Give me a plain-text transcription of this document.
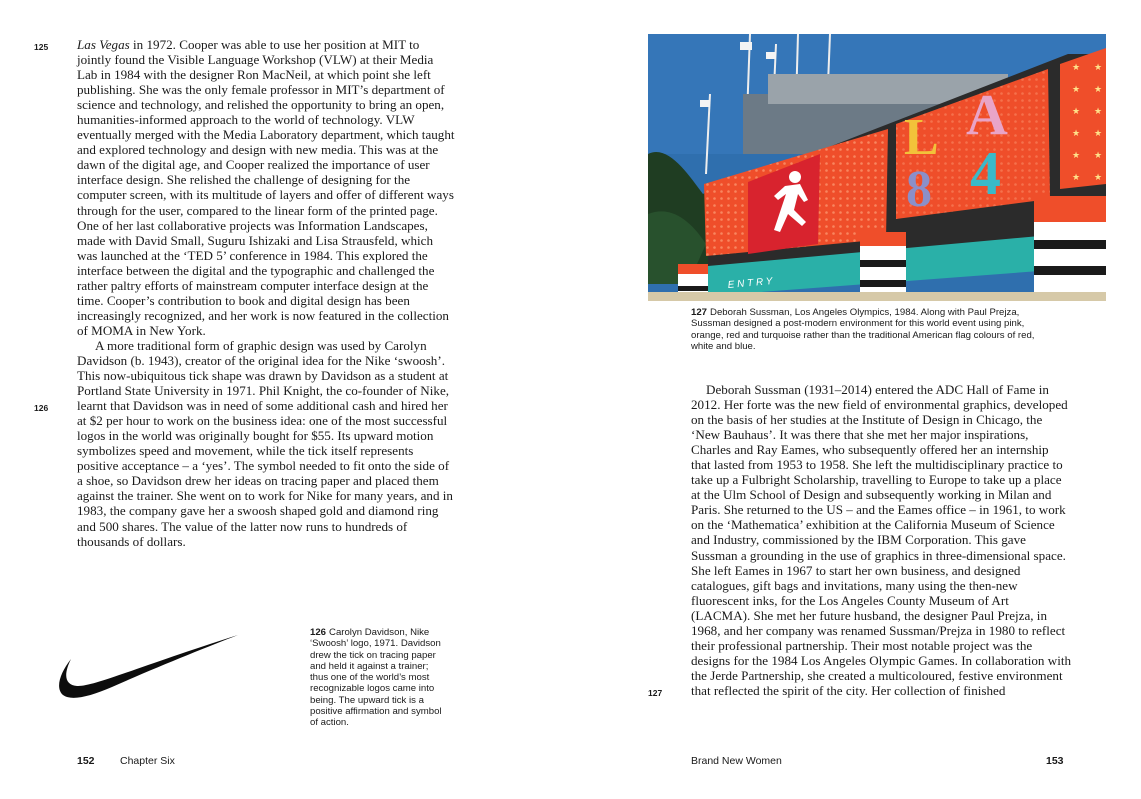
125
126

Las Vegas in 1972. Cooper was able to use her position at MIT to jointly found the Visible Language Workshop (VLW) at their Media Lab in 1984 with the designer Ron MacNeil, at which point she left publishing. She was the only female professor in MIT’s department of science and technology, and relished the opportunity to bring an open, humanities-informed approach to the world of technology. VLW eventually merged with the Media Laboratory department, which taught and explored technology and design with new media. This was at the dawn of the digital age, and Cooper realized the importance of user interface design. She relished the challenge of designing for the computer screen, with its multitude of layers and offer of different ways through for the user, compared to the linear form of the printed page. One of her last collaborative projects was Information Landscapes, made with David Small, Suguru Ishizaki and Lisa Strausfeld, which was launched at the ‘TED 5’ conference in 1984. This explored the interface between the digital and the typographic and challenged the rather paltry efforts of mainstream computer interface design at the time. Cooper’s contribution to book and digital design has been increasingly recognized, and her work is now featured in the collection of MOMA in New York.

A more traditional form of graphic design was used by Carolyn Davidson (b. 1943), creator of the original idea for the Nike ‘swoosh’. This now-ubiquitous tick shape was drawn by Davidson as a student at Portland State University in 1971. Phil Knight, the co-founder of Nike, learnt that Davidson was in need of some additional cash and hired her at $2 per hour to work on the business idea: one of the most successful logos in the world was originally bought for $55. Its upward motion symbolizes speed and movement, while the tick itself represents positive acceptance – a ‘yes’. The symbol needed to fit onto the side of a shoe, so Davidson drew her ideas on tracing paper and placed them against the trainer. She went on to work for Nike for many years, and in 1983, the company gave her a swoosh shaped gold and diamond ring and 500 shares. The value of the latter now runs to hundreds of thousands of dollars.

126 Carolyn Davidson, Nike ‘Swoosh’ logo, 1971. Davidson drew the tick on tracing paper and held it against a trainer; thus one of the world’s most recognizable logos came into being. The upward tick is a positive affirmation and symbol of action.
152 Chapter Six
L A
8 4
E N T R Y
127 Deborah Sussman, Los Angeles Olympics, 1984. Along with Paul Prejza, Sussman designed a post-modern environment for this world event using pink, orange, red and turquoise rather than the traditional American flag colours of red, white and blue.
127

Deborah Sussman (1931–2014) entered the ADC Hall of Fame in 2012. Her forte was the new field of environmental graphics, developed on the basis of her studies at the Institute of Design in Chicago, the ‘New Bauhaus’. It was there that she met her major inspirations, Charles and Ray Eames, who subsequently offered her an internship that lasted from 1953 to 1958. She left the multidisciplinary practice to take up a Fulbright Scholarship, travelling to Europe to take up a place at the Ulm School of Design and subsequently working in Milan and Paris. She returned to the US – and the Eames office – in 1961, to work on the ‘Mathematica’ exhibition at the California Museum of Science and Industry, commissioned by the IBM Corporation. This gave Sussman a grounding in the use of graphics in three-dimensional space. She left Eames in 1967 to start her own business, and designed catalogues, gift bags and invitations, many using the then-new fluorescent inks, for the Los Angeles County Museum of Art (LACMA). She met her future husband, the designer Paul Prejza, in 1968, and her company was renamed Sussman/Prejza in 1980 to reflect their professional partnership. Their most notable project was the designs for the 1984 Los Angeles Olympic Games. In collaboration with the Jerde Partnership, she created a multicoloured, festive environment that reflected the spirit of the city. Her collection of finished

Brand New Women	153
